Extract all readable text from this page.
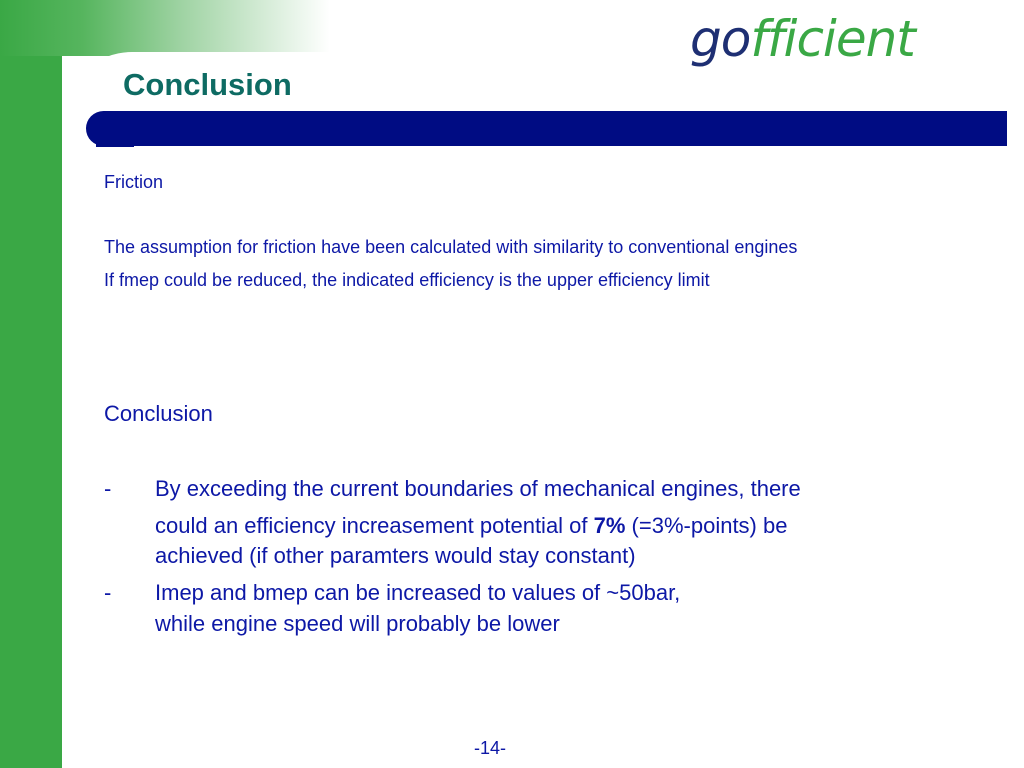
gofficient
Conclusion
Friction
The assumption for friction have been calculated with similarity to conventional engines
If fmep could be reduced, the indicated efficiency is the upper efficiency limit
Conclusion
- By exceeding the current boundaries of mechanical engines, there
could an efficiency increasement potential of 7% (=3%-points) be
achieved (if other paramters would stay constant)
- Imep and bmep can be increased to values of ~50bar,
while engine speed will probably be lower
-14-
